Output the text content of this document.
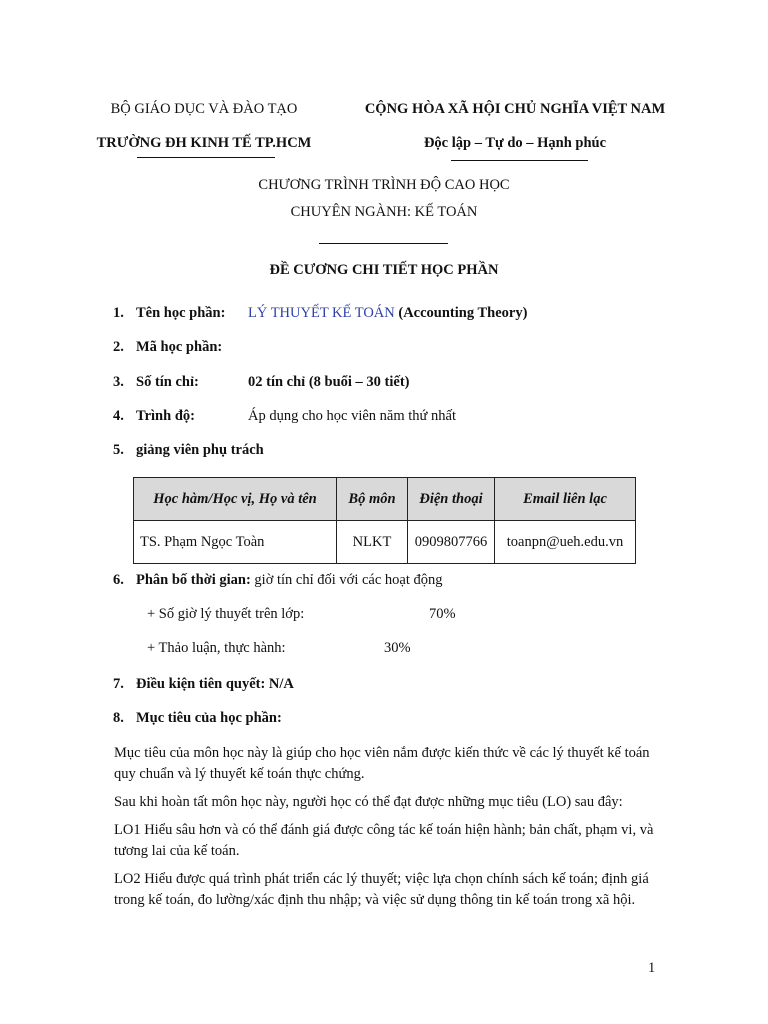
BỘ GIÁO DỤC VÀ ĐÀO TẠO
TRƯỜNG ĐH KINH TẾ TP.HCM
CỘNG HÒA XÃ HỘI CHỦ NGHĨA VIỆT NAM
Độc lập – Tự do – Hạnh phúc
CHƯƠNG TRÌNH TRÌNH ĐỘ CAO HỌC
CHUYÊN NGÀNH: KẾ TOÁN
ĐỀ CƯƠNG CHI TIẾT HỌC PHẦN
1. Tên học phần: LÝ THUYẾT KẾ TOÁN (Accounting Theory)
2. Mã học phần:
3. Số tín chỉ:	02 tín chỉ (8 buổi – 30 tiết)
4. Trình độ:	Áp dụng cho học viên năm thứ nhất
5. giảng viên phụ trách
Học hàm/Học vị, Họ và tên	Bộ môn	Điện thoại	Email liên lạc
TS. Phạm Ngọc Toàn	NLKT	0909807766	toanpn@ueh.edu.vn
6. Phân bố thời gian: giờ tín chỉ đối với các hoạt động
+ Số giờ lý thuyết trên lớp:	70%
+ Thảo luận, thực hành:	30%
7. Điều kiện tiên quyết: N/A
8. Mục tiêu của học phần:
Mục tiêu của môn học này là giúp cho học viên nắm được kiến thức về các lý thuyết kế toán quy chuẩn và lý thuyết kế toán thực chứng.
Sau khi hoàn tất môn học này, người học có thể đạt được những mục tiêu (LO) sau đây:
LO1 Hiểu sâu hơn và có thể đánh giá được công tác kế toán hiện hành; bản chất, phạm vi, và tương lai của kế toán.
LO2 Hiểu được quá trình phát triển các lý thuyết; việc lựa chọn chính sách kế toán; định giá trong kế toán, đo lường/xác định thu nhập; và việc sử dụng thông tin kế toán trong xã hội.
1
